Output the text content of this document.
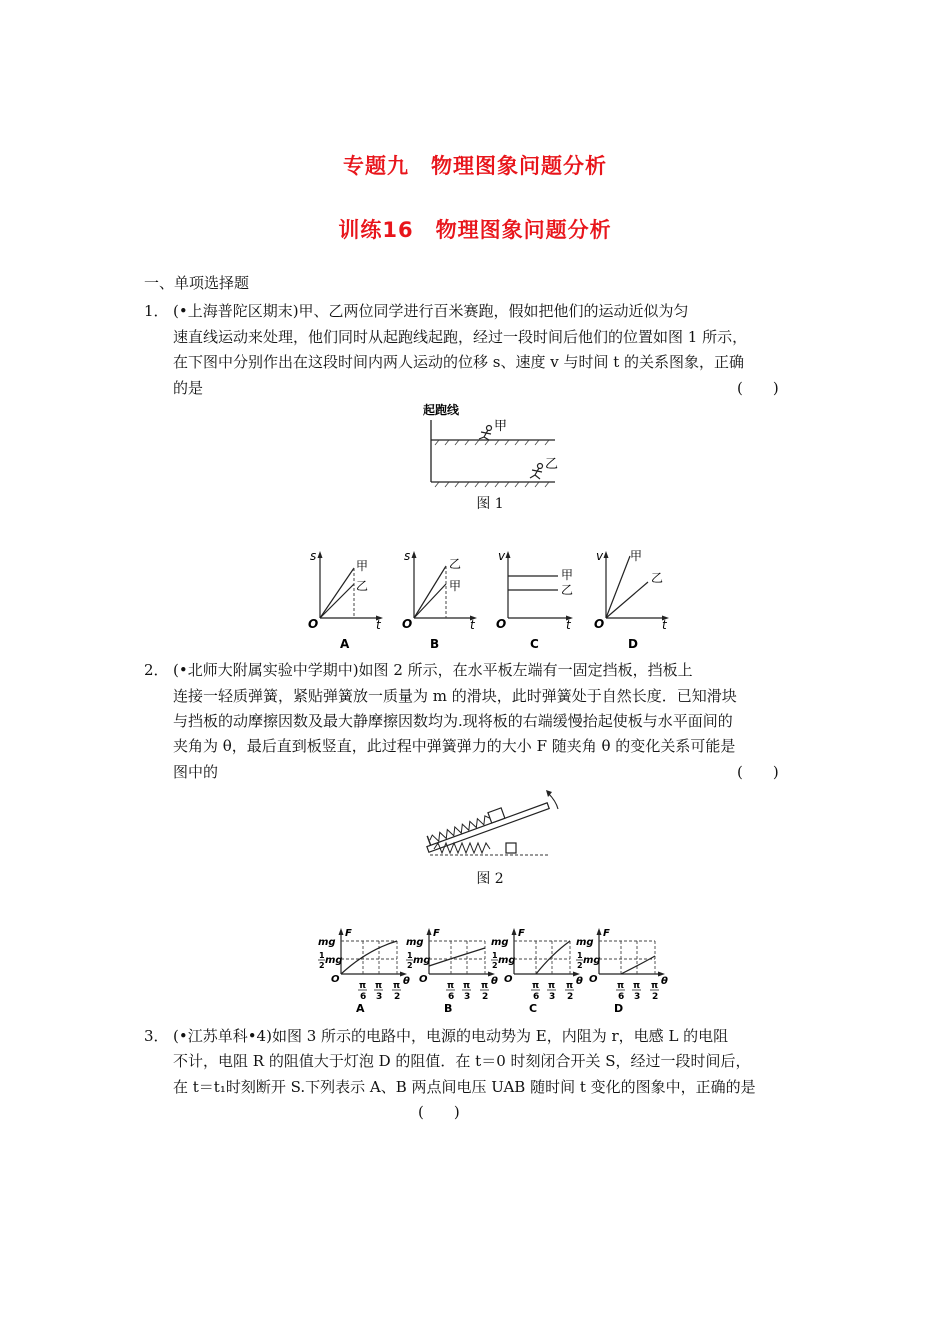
专题九　物理图象问题分析
训练16　物理图象问题分析
一、单项选择题
1． (•上海普陀区期末)甲、乙两位同学进行百米赛跑，假如把他们的运动近似为匀
速直线运动来处理，他们同时从起跑线起跑，经过一段时间后他们的位置如图 1 所示，
在下图中分别作出在这段时间内两人运动的位移 s、速度 v 与时间 t 的关系图象，正确
的是	(　　)
起跑线
甲
乙
图 1
s
t
O
甲
乙
A
s
t
O
乙
甲
B
v
t
O
甲
乙
C
v
t
O
甲
乙
D
2． (•北师大附属实验中学期中)如图 2 所示，在水平板左端有一固定挡板，挡板上
连接一轻质弹簧，紧贴弹簧放一质量为 m 的滑块，此时弹簧处于自然长度．已知滑块
与挡板的动摩擦因数及最大静摩擦因数均为.现将板的右端缓慢抬起使板与水平面间的
夹角为 θ，最后直到板竖直，此过程中弹簧弹力的大小 F 随夹角 θ 的变化关系可能是
图中的	(　　)
图 2
F
θ
O
mg
1
2 mg
π π π
6 3 2
A
F
θ
O
mg
1
2 mg
π π π
6 3 2
B
F
θ
O
mg
1
2 mg
π π π
6 3 2
C
F
θ
O
mg
1
2 mg
π π π
6 3 2
D
3． (•江苏单科•4)如图 3 所示的电路中，电源的电动势为 E，内阻为 r，电感 L 的电阻
不计，电阻 R 的阻值大于灯泡 D 的阻值．在 t＝0 时刻闭合开关 S，经过一段时间后，
在 t＝t₁时刻断开 S.下列表示 A、B 两点间电压 UAB 随时间 t 变化的图象中，正确的是
(　　)
